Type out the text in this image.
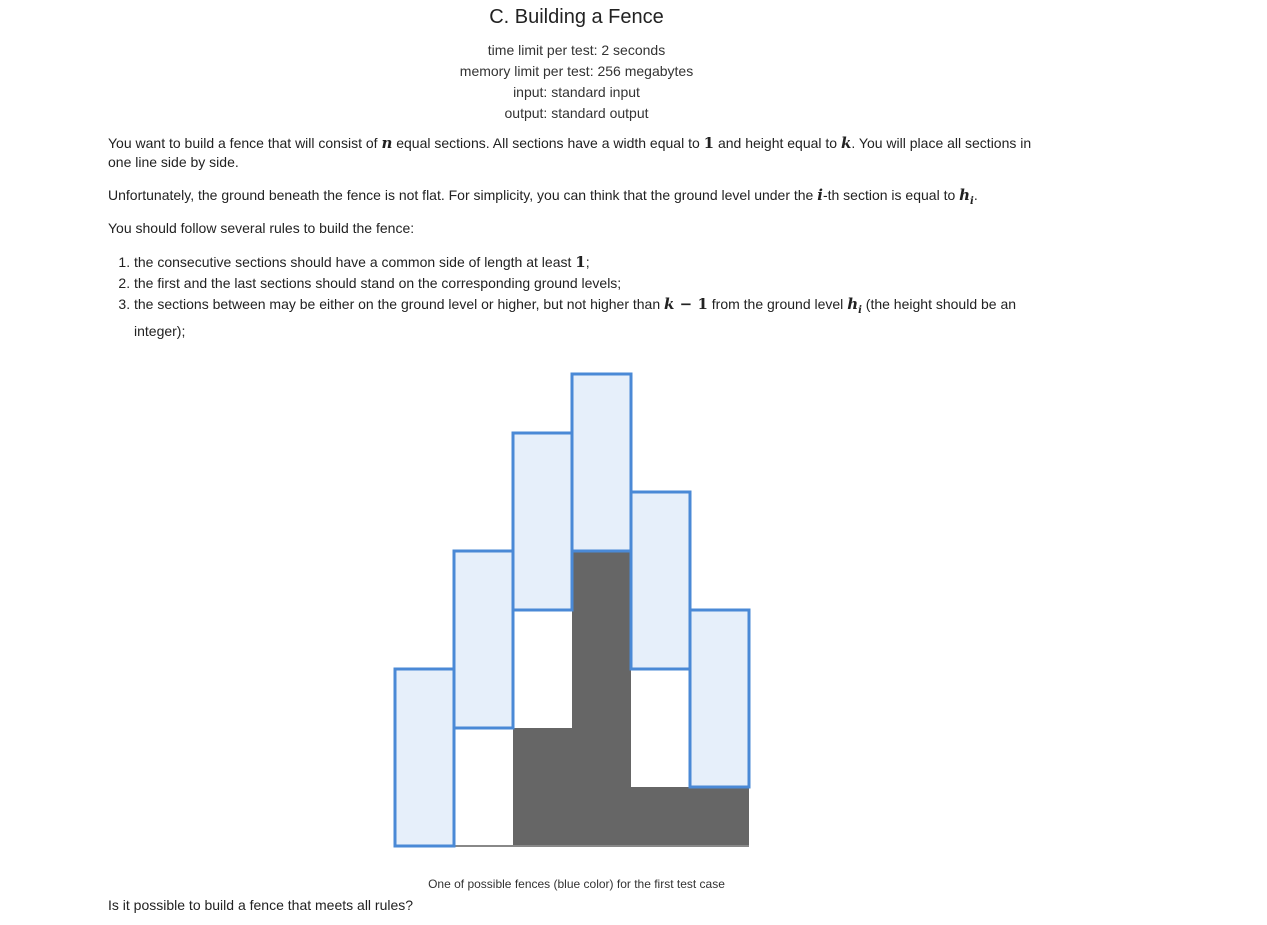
C. Building a Fence
time limit per test: 2 seconds
memory limit per test: 256 megabytes
input: standard input
output: standard output
You want to build a fence that will consist of n equal sections. All sections have a width equal to 1 and height equal to k. You will place all sections in one line side by side.
Unfortunately, the ground beneath the fence is not flat. For simplicity, you can think that the ground level under the i-th section is equal to $h_i$.
You should follow several rules to build the fence:
1. the consecutive sections should have a common side of length at least 1;
2. the first and the last sections should stand on the corresponding ground levels;
3. the sections between may be either on the ground level or higher, but not higher than k − 1 from the ground level $h_i$ (the height should be an integer);
One of possible fences (blue color) for the first test case
Is it possible to build a fence that meets all rules?
